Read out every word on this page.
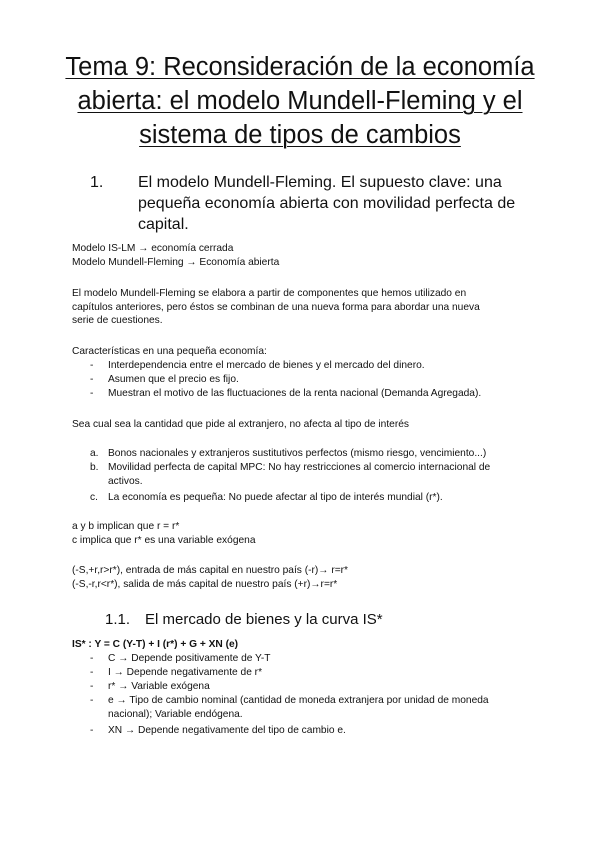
Tema 9: Reconsideración de la economía abierta: el modelo Mundell-Fleming y el sistema de tipos de cambios
1.	El modelo Mundell-Fleming. El supuesto clave: una
pequeña economía abierta con movilidad perfecta de
capital.
Modelo IS-LM → economía cerrada
Modelo Mundell-Fleming → Economía abierta
El modelo Mundell-Fleming se elabora a partir de componentes que hemos utilizado en
capítulos anteriores, pero éstos se combinan de una nueva forma para abordar una nueva
serie de cuestiones.
Características en una pequeña economía:
- Interdependencia entre el mercado de bienes y el mercado del dinero.
- Asumen que el precio es fijo.
- Muestran el motivo de las fluctuaciones de la renta nacional (Demanda Agregada).
Sea cual sea la cantidad que pide al extranjero, no afecta al tipo de interés
a. Bonos nacionales y extranjeros sustitutivos perfectos (mismo riesgo, vencimiento...)
b. Movilidad perfecta de capital MPC: No hay restricciones al comercio internacional de
activos.
c. La economía es pequeña: No puede afectar al tipo de interés mundial (r*).
a y b implican que r = r*
c implica que r* es una variable exógena
(-S,+r,r>r*), entrada de más capital en nuestro país (-r)→ r=r*
(-S,-r,r<r*), salida de más capital de nuestro país (+r)→r=r*
1.1. El mercado de bienes y la curva IS*
IS* : Y = C (Y-T) + I (r*) + G + XN (e)
- C → Depende positivamente de Y-T
- I → Depende negativamente de r*
- r* → Variable exógena
- e → Tipo de cambio nominal (cantidad de moneda extranjera por unidad de moneda
nacional); Variable endógena.
- XN → Depende negativamente del tipo de cambio e.
